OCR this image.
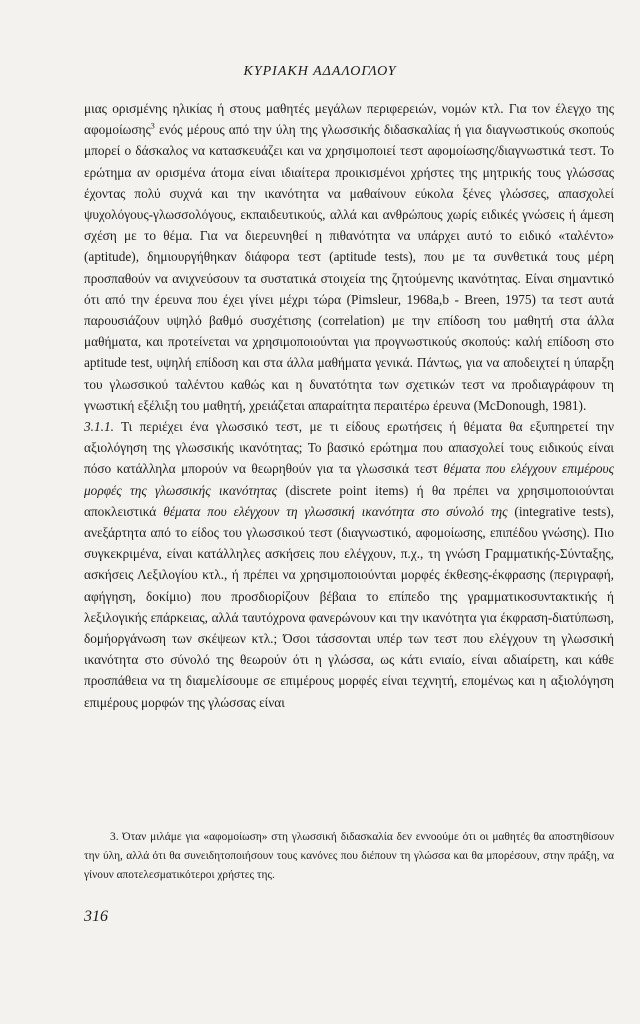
ΚΥΡΙΑΚΗ ΑΔΑΛΟΓΛΟΥ

μιας ορισμένης ηλικίας ή στους μαθητές μεγάλων περιφερειών, νομών κτλ. Για τον έλεγχο της αφομοίωσης$^3$ ενός μέρους από την ύλη της γλωσσικής διδασκαλίας ή για διαγνωστικούς σκοπούς μπορεί ο δάσκαλος να κατασκευάζει και να χρησιμοποιεί τεστ αφομοίωσης/διαγνωστικά τεστ. Το ερώτημα αν ορισμένα άτομα είναι ιδιαίτερα προικισμένοι χρήστες της μητρικής τους γλώσσας έχοντας πολύ συχνά και την ικανότητα να μαθαίνουν εύκολα ξένες γλώσσες, απασχολεί ψυχολόγους-γλωσσολόγους, εκπαιδευτικούς, αλλά και ανθρώπους χωρίς ειδικές γνώσεις ή άμεση σχέση με το θέμα. Για να διερευνηθεί η πιθανότητα να υπάρχει αυτό το ειδικό «ταλέντο» (aptitude), δημιουργήθηκαν διάφορα τεστ (aptitude tests), που με τα συνθετικά τους μέρη προσπαθούν να ανιχνεύσουν τα συστατικά στοιχεία της ζητούμενης ικανότητας. Είναι σημαντικό ότι από την έρευνα που έχει γίνει μέχρι τώρα (Pimsleur, 1968a,b - Breen, 1975) τα τεστ αυτά παρουσιάζουν υψηλό βαθμό συσχέτισης (correlation) με την επίδοση του μαθητή στα άλλα μαθήματα, και προτείνεται να χρησιμοποιούνται για προγνωστικούς σκοπούς: καλή επίδοση στο aptitude test, υψηλή επίδοση και στα άλλα μαθήματα γενικά. Πάντως, για να αποδειχτεί η ύπαρξη του γλωσσικού ταλέντου καθώς και η δυνατότητα των σχετικών τεστ να προδιαγράφουν τη γνωστική εξέλιξη του μαθητή, χρειάζεται απαραίτητα περαιτέρω έρευνα (McDonough, 1981).

3.1.1. Τι περιέχει ένα γλωσσικό τεστ, με τι είδους ερωτήσεις ή θέματα θα εξυπηρετεί την αξιολόγηση της γλωσσικής ικανότητας; Το βασικό ερώτημα που απασχολεί τους ειδικούς είναι πόσο κατάλληλα μπορούν να θεωρηθούν για τα γλωσσικά τεστ θέματα που ελέγχουν επιμέρους μορφές της γλωσσικής ικανότητας (discrete point items) ή θα πρέπει να χρησιμοποιούνται αποκλειστικά θέματα που ελέγχουν τη γλωσσική ικανότητα στο σύνολό της (integrative tests), ανεξάρτητα από το είδος του γλωσσικού τεστ (διαγνωστικό, αφομοίωσης, επιπέδου γνώσης). Πιο συγκεκριμένα, είναι κατάλληλες ασκήσεις που ελέγχουν, π.χ., τη γνώση Γραμματικής-Σύνταξης, ασκήσεις Λεξιλογίου κτλ., ή πρέπει να χρησιμοποιούνται μορφές έκθεσης-έκφρασης (περιγραφή, αφήγηση, δοκίμιο) που προσδιορίζουν βέβαια το επίπεδο της γραμματικοσυντακτικής ή λεξιλογικής επάρκειας, αλλά ταυτόχρονα φανερώνουν και την ικανότητα για έκφραση-διατύπωση, δομήοργάνωση των σκέψεων κτλ.; Όσοι τάσσονται υπέρ των τεστ που ελέγχουν τη γλωσσική ικανότητα στο σύνολό της θεωρούν ότι η γλώσσα, ως κάτι ενιαίο, είναι αδιαίρετη, και κάθε προσπάθεια να τη διαμελίσουμε σε επιμέρους μορφές είναι τεχνητή, επομένως και η αξιολόγηση επιμέρους μορφών της γλώσσας είναι

3. Όταν μιλάμε για «αφομοίωση» στη γλωσσική διδασκαλία δεν εννοούμε ότι οι μαθητές θα αποστηθίσουν την ύλη, αλλά ότι θα συνειδητοποιήσουν τους κανόνες που διέπουν τη γλώσσα και θα μπορέσουν, στην πράξη, να γίνουν αποτελεσματικότεροι χρήστες της.

316
